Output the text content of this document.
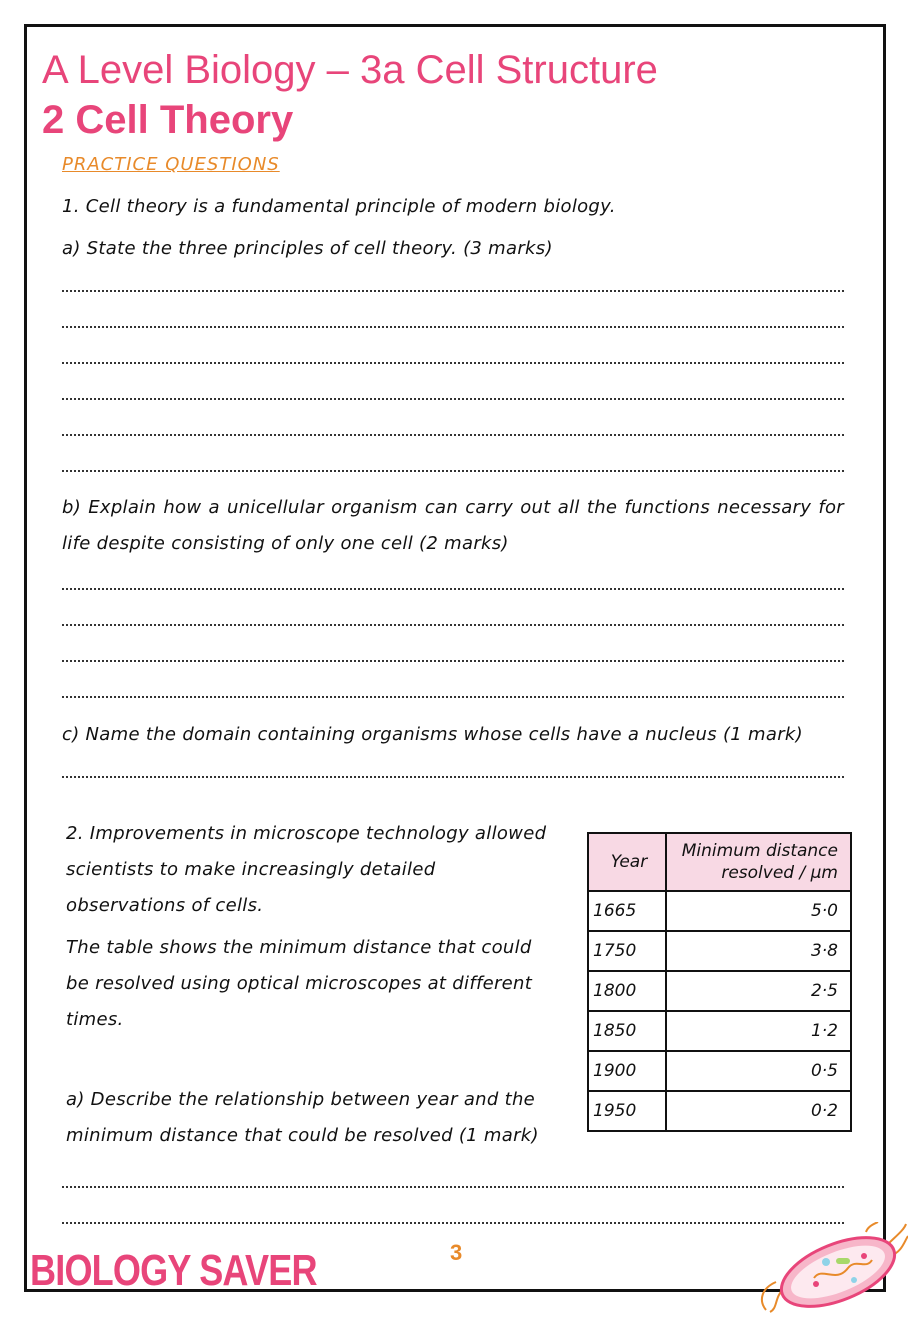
A Level Biology – 3a Cell Structure
2 Cell Theory
PRACTICE QUESTIONS
1. Cell theory is a fundamental principle of modern biology.
a) State the three principles of cell theory. (3 marks)
b) Explain how a unicellular organism can carry out all the functions necessary for life despite consisting of only one cell (2 marks)
c) Name the domain containing organisms whose cells have a nucleus (1 mark)
2. Improvements in microscope technology allowed scientists to make increasingly detailed observations of cells.
The table shows the minimum distance that could be resolved using optical microscopes at different times.
a) Describe the relationship between year and the minimum distance that could be resolved (1 mark)
Year	Minimum distance resolved / μm
1665	5·0
1750	3·8
1800	2·5
1850	1·2
1900	0·5
1950	0·2
3
BIOLOGY SAVER
